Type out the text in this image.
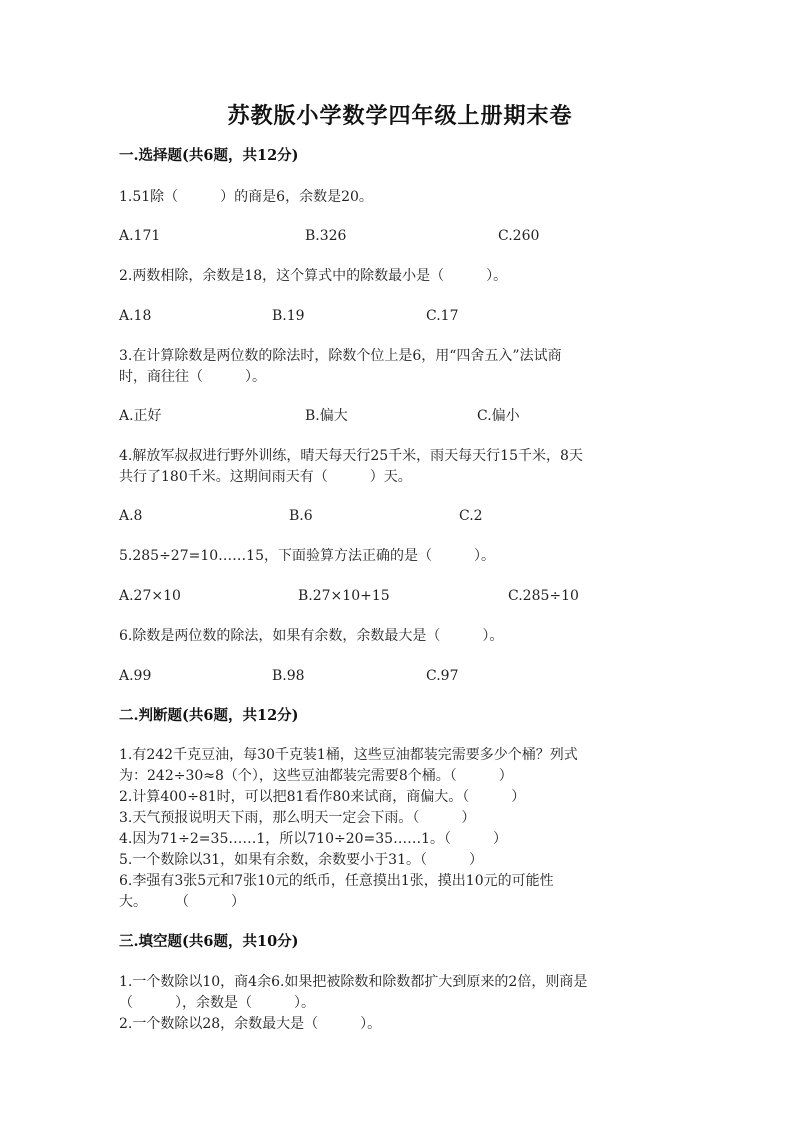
苏教版小学数学四年级上册期末卷
一.选择题(共6题，共12分)
1.51除（　　　）的商是6，余数是20。
A.171	B.326	C.260
2.两数相除，余数是18，这个算式中的除数最小是（　　　）。
A.18	B.19	C.17
3.在计算除数是两位数的除法时，除数个位上是6，用“四舍五入”法试商
时，商往往（　　　）。
A.正好	B.偏大	C.偏小
4.解放军叔叔进行野外训练，晴天每天行25千米，雨天每天行15千米，8天
共行了180千米。这期间雨天有（　　　）天。
A.8	B.6	C.2
5.285÷27=10……15，下面验算方法正确的是（　　　）。
A.27×10	B.27×10+15	C.285÷10
6.除数是两位数的除法，如果有余数，余数最大是（　　　）。
A.99	B.98	C.97
二.判断题(共6题，共12分)
1.有242千克豆油，每30千克装1桶，这些豆油都装完需要多少个桶？列式
为：242÷30≈8（个），这些豆油都装完需要8个桶。（　　　）
2.计算400÷81时，可以把81看作80来试商，商偏大。（　　　）
3.天气预报说明天下雨，那么明天一定会下雨。（　　　）
4.因为71÷2=35……1，所以710÷20=35……1。（　　　）
5.一个数除以31，如果有余数，余数要小于31。（　　　）
6.李强有3张5元和7张10元的纸币，任意摸出1张，摸出10元的可能性
大。　　　（　　　）
三.填空题(共6题，共10分)
1.一个数除以10，商4余6.如果把被除数和除数都扩大到原来的2倍，则商是
（　　　），余数是（　　　）。
2.一个数除以28，余数最大是（　　　）。
